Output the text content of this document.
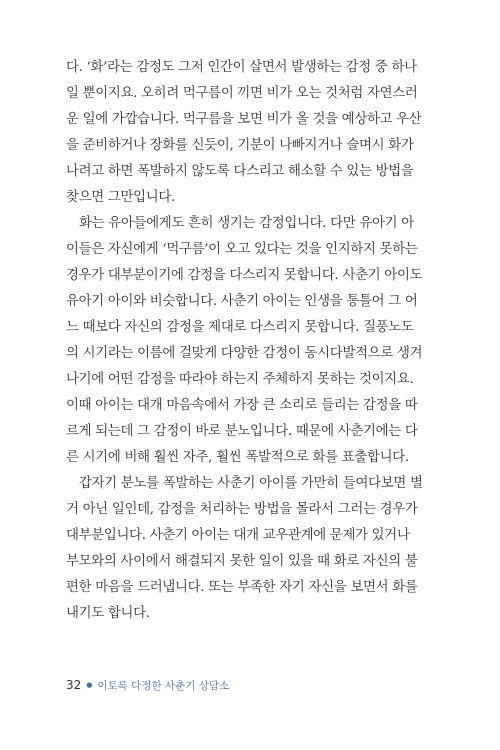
다. ‘화’라는 감정도 그저 인간이 살면서 발생하는 감정 중 하나
일 뿐이지요. 오히려 먹구름이 끼면 비가 오는 것처럼 자연스러
운 일에 가깝습니다. 먹구름을 보면 비가 올 것을 예상하고 우산
을 준비하거나 장화를 신듯이, 기분이 나빠지거나 슬며시 화가
나려고 하면 폭발하지 않도록 다스리고 해소할 수 있는 방법을
찾으면 그만입니다.
화는 유아들에게도 흔히 생기는 감정입니다. 다만 유아기 아
이들은 자신에게 ‘먹구름’이 오고 있다는 것을 인지하지 못하는
경우가 대부분이기에 감정을 다스리지 못합니다. 사춘기 아이도
유아기 아이와 비슷합니다. 사춘기 아이는 인생을 통틀어 그 어
느 때보다 자신의 감정을 제대로 다스리지 못합니다. 질풍노도
의 시기라는 이름에 걸맞게 다양한 감정이 동시다발적으로 생겨
나기에 어떤 감정을 따라야 하는지 주체하지 못하는 것이지요.
이때 아이는 대개 마음속에서 가장 큰 소리로 들리는 감정을 따
르게 되는데 그 감정이 바로 분노입니다. 때문에 사춘기에는 다
른 시기에 비해 훨씬 자주, 훨씬 폭발적으로 화를 표출합니다.
갑자기 분노를 폭발하는 사춘기 아이를 가만히 들여다보면 별
거 아닌 일인데, 감정을 처리하는 방법을 몰라서 그러는 경우가
대부분입니다. 사춘기 아이는 대개 교우관계에 문제가 있거나
부모와의 사이에서 해결되지 못한 일이 있을 때 화로 자신의 불
편한 마음을 드러냅니다. 또는 부족한 자기 자신을 보면서 화를
내기도 합니다.
32 ● 이토록 다정한 사춘기 상담소
